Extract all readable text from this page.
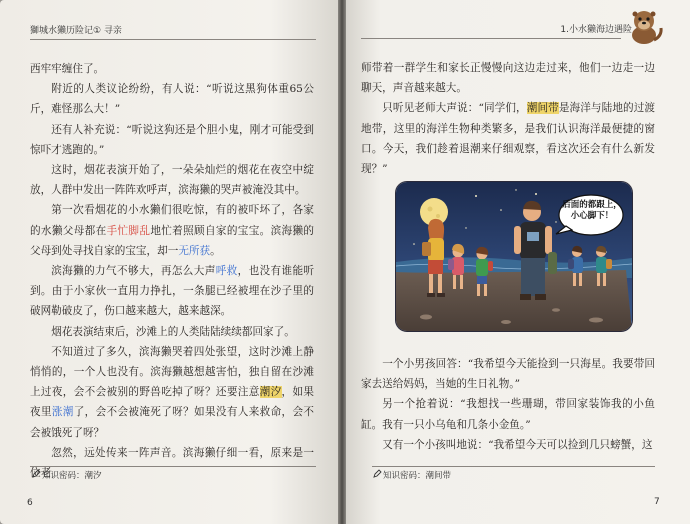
獅城水獺历险记① 寻亲

西牢牢缠住了。

附近的人类议论纷纷，有人说：“听说这黑狗体重65公斤，难怪那么大！”

还有人补充说：“听说这狗还是个胆小鬼，刚才可能受到惊吓才逃跑的。”

这时，烟花表演开始了，一朵朵灿烂的烟花在夜空中绽放，人群中发出一阵阵欢呼声，滨海獭的哭声被淹没其中。

第一次看烟花的小水獭们很吃惊，有的被吓坏了，各家的水獭父母都在手忙脚乱地忙着照顾自家的宝宝。滨海獭的父母到处寻找自家的宝宝，却一无所获。

滨海獭的力气不够大，再怎么大声呼救，也没有谁能听到。由于小家伙一直用力挣扎，一条腿已经被埋在沙子里的破网勒破皮了，伤口越来越大，越来越深。

烟花表演结束后，沙滩上的人类陆陆续续都回家了。

不知道过了多久，滨海獭哭着四处张望，这时沙滩上静悄悄的，一个人也没有。滨海獭越想越害怕，独自留在沙滩上过夜，会不会被别的野兽吃掉了呀？还要注意潮汐，如果夜里涨潮了，会不会被淹死了呀？如果没有人来救命，会不会被饿死了呀？

忽然，远处传来一阵声音。滨海獭仔细一看，原来是一位老

知识密码：潮汐
6
1.小水獭海边遇险

师带着一群学生和家长正慢慢向这边走过来，他们一边走一边聊天，声音越来越大。

只听见老师大声说：“同学们，潮间带是海洋与陆地的过渡地带，这里的海洋生物种类繁多，是我们认识海洋最便捷的窗口。今天，我们趁着退潮来仔细观察，看这次还会有什么新发现？”

后面的都跟上，
小心脚下！

一个小男孩回答：“我希望今天能捡到一只海星。我要带回家去送给妈妈，当她的生日礼物。”

另一个抢着说：“我想找一些珊瑚，带回家装饰我的小鱼缸。我有一只小乌龟和几条小金鱼。”

又有一个小孩叫地说：“我希望今天可以捡到几只螃蟹，这

知识密码：潮间带
7
